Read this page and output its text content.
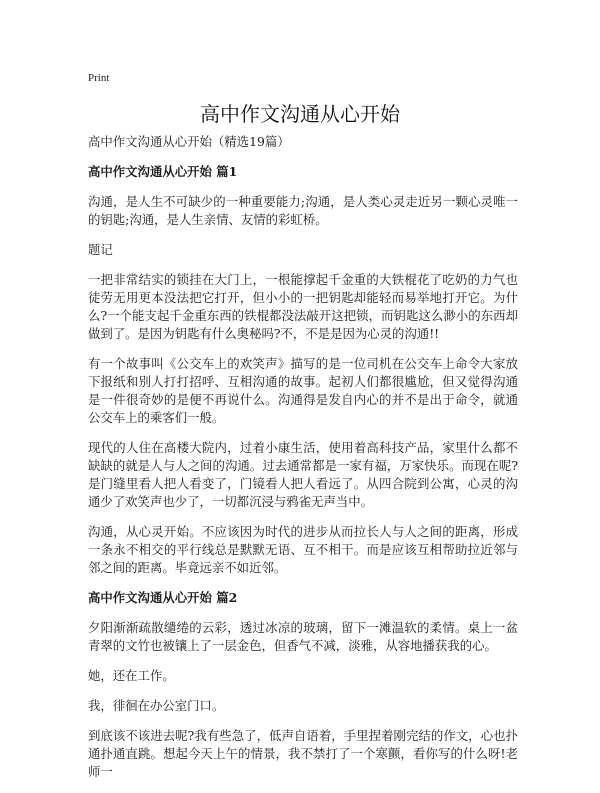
Print
高中作文沟通从心开始

高中作文沟通从心开始（精选19篇）

高中作文沟通从心开始 篇1

沟通，是人生不可缺少的一种重要能力;沟通，是人类心灵走近另一颗心灵唯一的钥匙;沟通，是人生亲情、友情的彩虹桥。

题记

一把非常结实的锁挂在大门上，一根能撑起千金重的大铁棍花了吃奶的力气也徒劳无用更本没法把它打开，但小小的一把钥匙却能轻而易举地打开它。为什么?一个能支起千金重东西的铁棍都没法敲开这把锁，而钥匙这么渺小的东西却做到了。是因为钥匙有什么奥秘吗?不，不是是因为心灵的沟通!!

有一个故事叫《公交车上的欢笑声》描写的是一位司机在公交车上命令大家放下报纸和别人打打招呼、互相沟通的故事。起初人们都很尴尬，但又觉得沟通是一件很奇妙的是便不再说什么。沟通得是发自内心的并不是出于命令，就通公交车上的乘客们一般。

现代的人住在高楼大院内，过着小康生活，使用着高科技产品，家里什么都不缺缺的就是人与人之间的沟通。过去通常都是一家有福，万家快乐。而现在呢?是门缝里看人把人看变了，门镜看人把人看远了。从四合院到公寓，心灵的沟通少了欢笑声也少了，一切都沉浸与鸦雀无声当中。

沟通，从心灵开始。不应该因为时代的进步从而拉长人与人之间的距离，形成一条永不相交的平行线总是默默无语、互不相干。而是应该互相帮助拉近邻与邻之间的距离。毕竟远亲不如近邻。

高中作文沟通从心开始 篇2

夕阳渐渐疏散缱绻的云彩，透过冰凉的玻璃，留下一滩温软的柔情。桌上一盆青翠的文竹也被镶上了一层金色，但香气不减，淡雅，从容地播获我的心。

她，还在工作。

我，徘徊在办公室门口。

到底该不该进去呢?我有些急了，低声自语着，手里捏着刚完结的作文，心也扑通扑通直跳。想起今天上午的情景，我不禁打了一个寒颤，看你写的什么呀!老师一
